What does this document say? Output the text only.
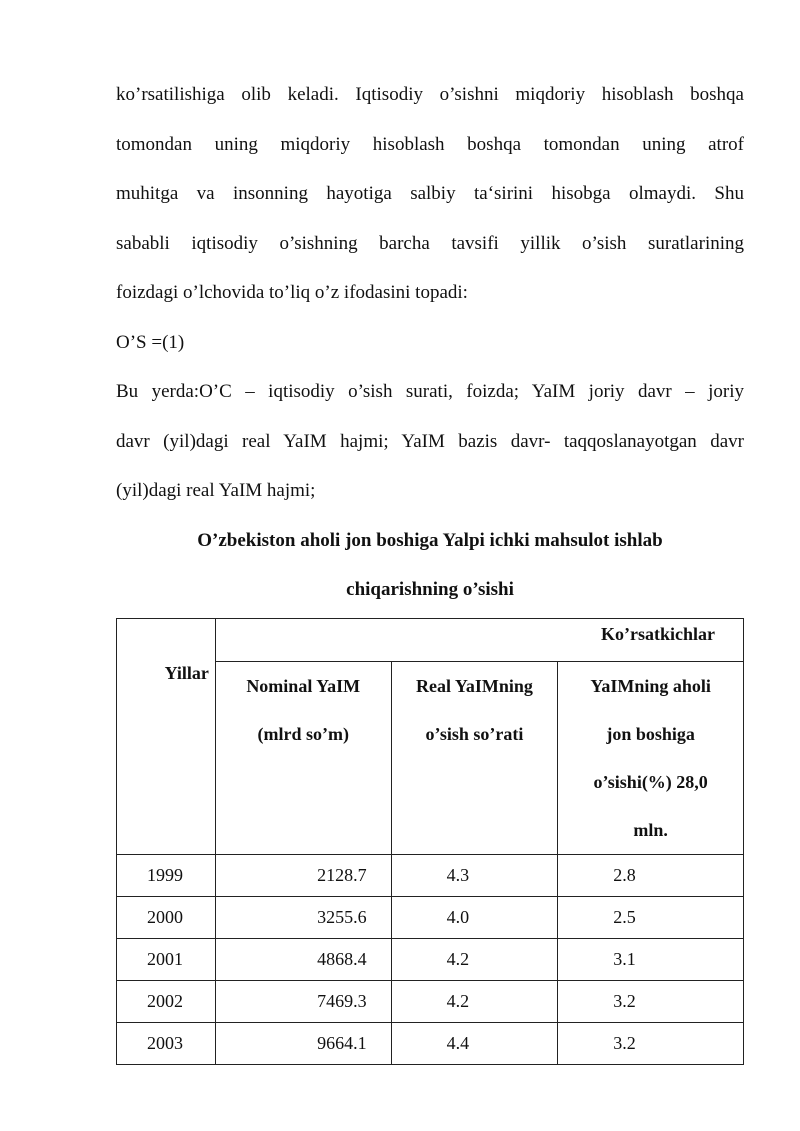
ko’rsatilishiga olib keladi. Iqtisodiy o’sishni miqdoriy hisoblash boshqa
tomondan uning miqdoriy hisoblash boshqa tomondan uning atrof
muhitga va insonning hayotiga salbiy ta‘sirini hisobga olmaydi. Shu
sababli iqtisodiy o’sishning barcha tavsifi yillik o’sish suratlarining
foizdagi o’lchovida to’liq o’z ifodasini topadi:

O’S =(1)

Bu yerda:O’C – iqtisodiy o’sish surati, foizda; YaIM joriy davr – joriy
davr (yil)dagi real YaIM hajmi; YaIM bazis davr- taqqoslanayotgan davr
(yil)dagi real YaIM hajmi;

O’zbekiston aholi jon boshiga Yalpi ichki mahsulot ishlab
chiqarishning o’sishi

Yillar	Ko’rsatkichlar		

	Nominal YaIM
(mlrd so’m)	Real YaIMning
o’sish so’rati	YaIMning aholi
jon boshiga
o’sishi(%) 28,0
mln.

1999	2128.7	4.3	2.8
2000	3255.6	4.0	2.5
2001	4868.4	4.2	3.1
2002	7469.3	4.2	3.2
2003	9664.1	4.4	3.2
